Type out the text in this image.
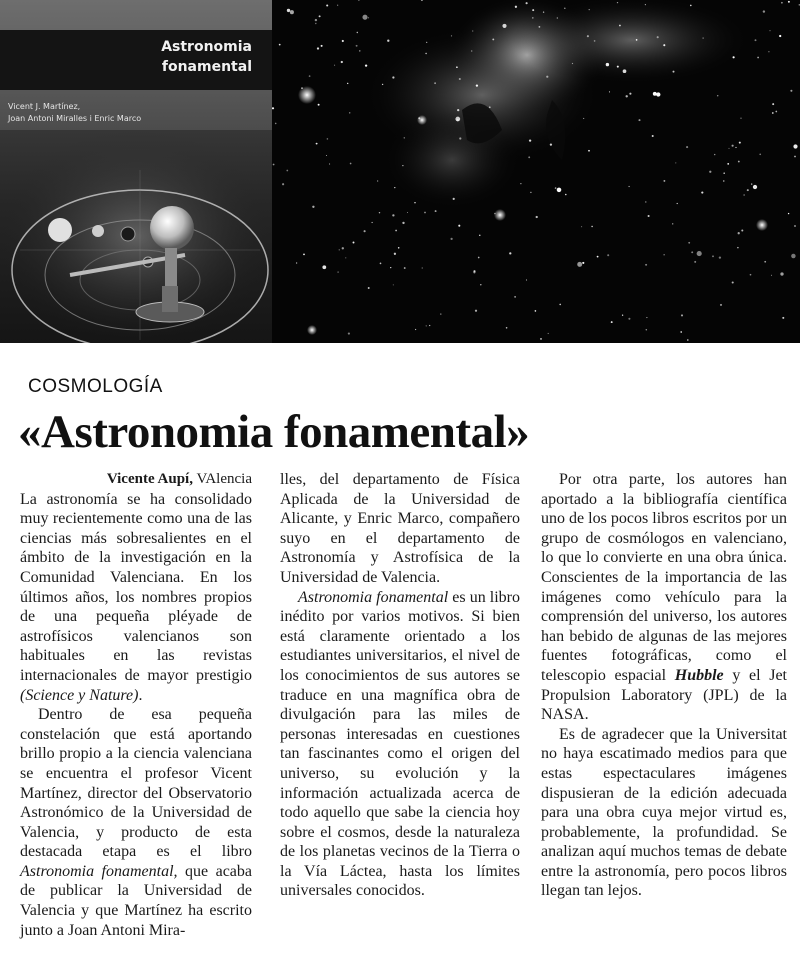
Astronomia
fonamental
Vicent J. Martínez,
Joan Antoni Miralles i Enric Marco
COSMOLOGÍA
«Astronomia fonamental»
Vicente Aupí, VAlencia

La astronomía se ha consolidado muy recientemente como una de las ciencias más sobresalientes en el ámbito de la investigación en la Comunidad Valenciana. En los últimos años, los nombres propios de una pequeña pléyade de astrofísicos valencianos son habituales en las revistas internacionales de mayor prestigio (Science y Nature).

Dentro de esa pequeña constelación que está aportando brillo propio a la ciencia valenciana se encuentra el profesor Vicent Martínez, director del Observatorio Astronómico de la Universidad de Valencia, y producto de esta destacada etapa es el libro Astronomia fonamental, que acaba de publicar la Universidad de Valencia y que Martínez ha escrito junto a Joan Antoni Mira-

lles, del departamento de Física Aplicada de la Universidad de Alicante, y Enric Marco, compañero suyo en el departamento de Astronomía y Astrofísica de la Universidad de Valencia.

Astronomia fonamental es un libro inédito por varios motivos. Si bien está claramente orientado a los estudiantes universitarios, el nivel de los conocimientos de sus autores se traduce en una magnífica obra de divulgación para las miles de personas interesadas en cuestiones tan fascinantes como el origen del universo, su evolución y la información actualizada acerca de todo aquello que sabe la ciencia hoy sobre el cosmos, desde la naturaleza de los planetas vecinos de la Tierra o la Vía Láctea, hasta los límites universales conocidos.

Por otra parte, los autores han aportado a la bibliografía científica uno de los pocos libros escritos por un grupo de cosmólogos en valenciano, lo que lo convierte en una obra única. Conscientes de la importancia de las imágenes como vehículo para la comprensión del universo, los autores han bebido de algunas de las mejores fuentes fotográficas, como el telescopio espacial Hubble y el Jet Propulsion Laboratory (JPL) de la NASA.

Es de agradecer que la Universitat no haya escatimado medios para que estas espectaculares imágenes dispusieran de la edición adecuada para una obra cuya mejor virtud es, probablemente, la profundidad. Se analizan aquí muchos temas de debate entre la astronomía, pero pocos libros llegan tan lejos.
